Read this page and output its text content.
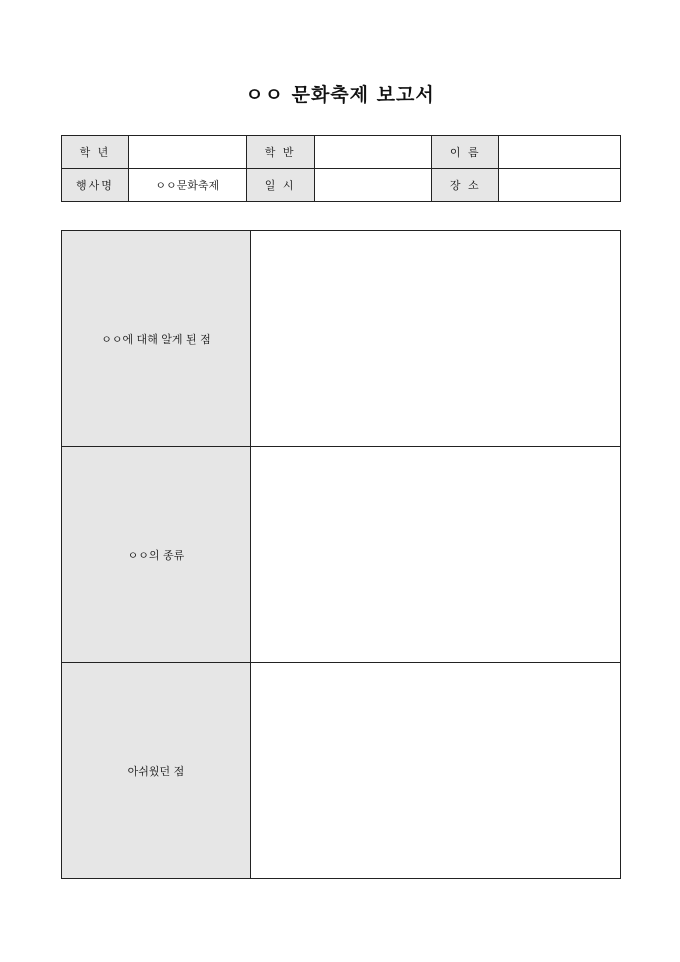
ㅇㅇ 문화축제 보고서
학 년		학 반		이 름	
행사명	ㅇㅇ문화축제	일 시		장 소	
ㅇㅇ에 대해 알게 된 점	
ㅇㅇ의 종류	
아쉬웠던 점	
